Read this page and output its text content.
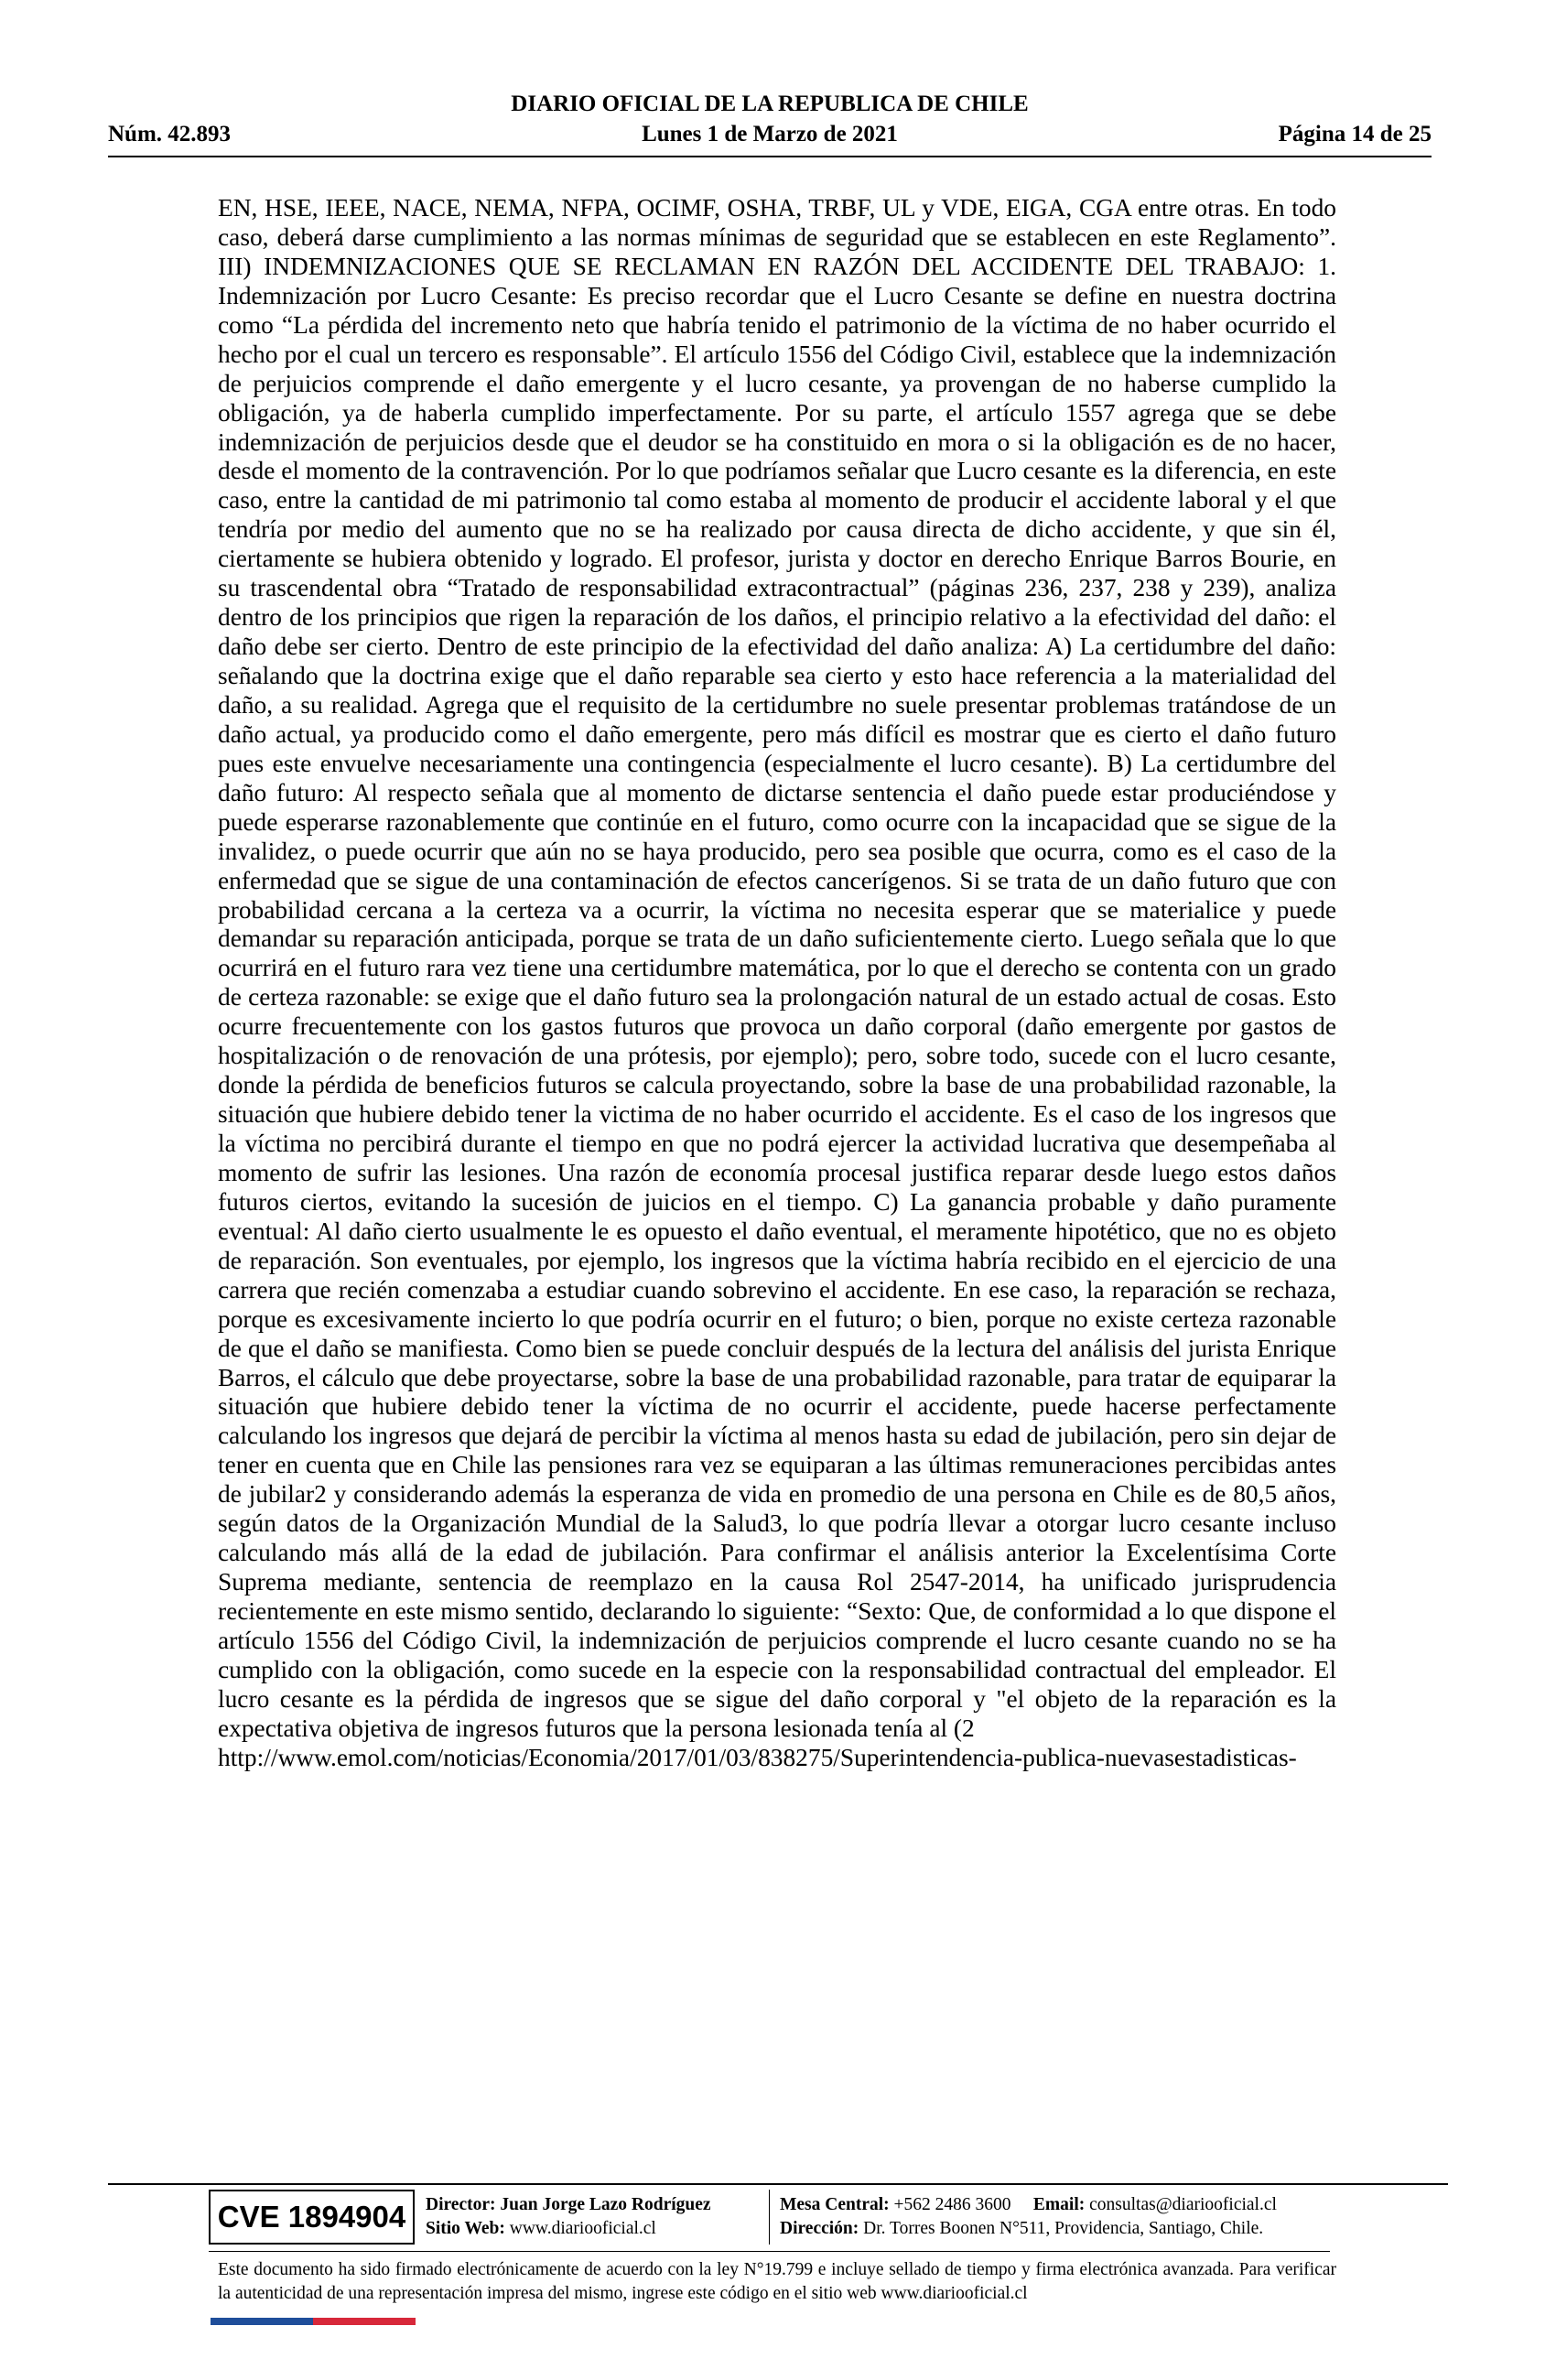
DIARIO OFICIAL DE LA REPUBLICA DE CHILE
Núm. 42.893	Lunes 1 de Marzo de 2021	Página 14 de 25
EN, HSE, IEEE, NACE, NEMA, NFPA, OCIMF, OSHA, TRBF, UL y VDE, EIGA, CGA entre otras. En todo caso, deberá darse cumplimiento a las normas mínimas de seguridad que se establecen en este Reglamento”. III) INDEMNIZACIONES QUE SE RECLAMAN EN RAZÓN DEL ACCIDENTE DEL TRABAJO: 1. Indemnización por Lucro Cesante: Es preciso recordar que el Lucro Cesante se define en nuestra doctrina como “La pérdida del incremento neto que habría tenido el patrimonio de la víctima de no haber ocurrido el hecho por el cual un tercero es responsable”. El artículo 1556 del Código Civil, establece que la indemnización de perjuicios comprende el daño emergente y el lucro cesante, ya provengan de no haberse cumplido la obligación, ya de haberla cumplido imperfectamente. Por su parte, el artículo 1557 agrega que se debe indemnización de perjuicios desde que el deudor se ha constituido en mora o si la obligación es de no hacer, desde el momento de la contravención. Por lo que podríamos señalar que Lucro cesante es la diferencia, en este caso, entre la cantidad de mi patrimonio tal como estaba al momento de producir el accidente laboral y el que tendría por medio del aumento que no se ha realizado por causa directa de dicho accidente, y que sin él, ciertamente se hubiera obtenido y logrado. El profesor, jurista y doctor en derecho Enrique Barros Bourie, en su trascendental obra “Tratado de responsabilidad extracontractual” (páginas 236, 237, 238 y 239), analiza dentro de los principios que rigen la reparación de los daños, el principio relativo a la efectividad del daño: el daño debe ser cierto. Dentro de este principio de la efectividad del daño analiza: A) La certidumbre del daño: señalando que la doctrina exige que el daño reparable sea cierto y esto hace referencia a la materialidad del daño, a su realidad. Agrega que el requisito de la certidumbre no suele presentar problemas tratándose de un daño actual, ya producido como el daño emergente, pero más difícil es mostrar que es cierto el daño futuro pues este envuelve necesariamente una contingencia (especialmente el lucro cesante). B) La certidumbre del daño futuro: Al respecto señala que al momento de dictarse sentencia el daño puede estar produciéndose y puede esperarse razonablemente que continúe en el futuro, como ocurre con la incapacidad que se sigue de la invalidez, o puede ocurrir que aún no se haya producido, pero sea posible que ocurra, como es el caso de la enfermedad que se sigue de una contaminación de efectos cancerígenos. Si se trata de un daño futuro que con probabilidad cercana a la certeza va a ocurrir, la víctima no necesita esperar que se materialice y puede demandar su reparación anticipada, porque se trata de un daño suficientemente cierto. Luego señala que lo que ocurrirá en el futuro rara vez tiene una certidumbre matemática, por lo que el derecho se contenta con un grado de certeza razonable: se exige que el daño futuro sea la prolongación natural de un estado actual de cosas. Esto ocurre frecuentemente con los gastos futuros que provoca un daño corporal (daño emergente por gastos de hospitalización o de renovación de una prótesis, por ejemplo); pero, sobre todo, sucede con el lucro cesante, donde la pérdida de beneficios futuros se calcula proyectando, sobre la base de una probabilidad razonable, la situación que hubiere debido tener la victima de no haber ocurrido el accidente. Es el caso de los ingresos que la víctima no percibirá durante el tiempo en que no podrá ejercer la actividad lucrativa que desempeñaba al momento de sufrir las lesiones. Una razón de economía procesal justifica reparar desde luego estos daños futuros ciertos, evitando la sucesión de juicios en el tiempo. C) La ganancia probable y daño puramente eventual: Al daño cierto usualmente le es opuesto el daño eventual, el meramente hipotético, que no es objeto de reparación. Son eventuales, por ejemplo, los ingresos que la víctima habría recibido en el ejercicio de una carrera que recién comenzaba a estudiar cuando sobrevino el accidente. En ese caso, la reparación se rechaza, porque es excesivamente incierto lo que podría ocurrir en el futuro; o bien, porque no existe certeza razonable de que el daño se manifiesta. Como bien se puede concluir después de la lectura del análisis del jurista Enrique Barros, el cálculo que debe proyectarse, sobre la base de una probabilidad razonable, para tratar de equiparar la situación que hubiere debido tener la víctima de no ocurrir el accidente, puede hacerse perfectamente calculando los ingresos que dejará de percibir la víctima al menos hasta su edad de jubilación, pero sin dejar de tener en cuenta que en Chile las pensiones rara vez se equiparan a las últimas remuneraciones percibidas antes de jubilar2 y considerando además la esperanza de vida en promedio de una persona en Chile es de 80,5 años, según datos de la Organización Mundial de la Salud3, lo que podría llevar a otorgar lucro cesante incluso calculando más allá de la edad de jubilación. Para confirmar el análisis anterior la Excelentísima Corte Suprema mediante, sentencia de reemplazo en la causa Rol 2547-2014, ha unificado jurisprudencia recientemente en este mismo sentido, declarando lo siguiente: “Sexto: Que, de conformidad a lo que dispone el artículo 1556 del Código Civil, la indemnización de perjuicios comprende el lucro cesante cuando no se ha cumplido con la obligación, como sucede en la especie con la responsabilidad contractual del empleador. El lucro cesante es la pérdida de ingresos que se sigue del daño corporal y "el objeto de la reparación es la expectativa objetiva de ingresos futuros que la persona lesionada tenía al (2
http://www.emol.com/noticias/Economia/2017/01/03/838275/Superintendencia-publica-nuevasestadisticas-
CVE 1894904	Director: Juan Jorge Lazo Rodríguez
Sitio Web: www.diariooficial.cl
Mesa Central: +562 2486 3600 Email: consultas@diariooficial.cl
Dirección: Dr. Torres Boonen N°511, Providencia, Santiago, Chile.
Este documento ha sido firmado electrónicamente de acuerdo con la ley N°19.799 e incluye sellado de tiempo y firma electrónica avanzada. Para verificar la autenticidad de una representación impresa del mismo, ingrese este código en el sitio web www.diariooficial.cl
